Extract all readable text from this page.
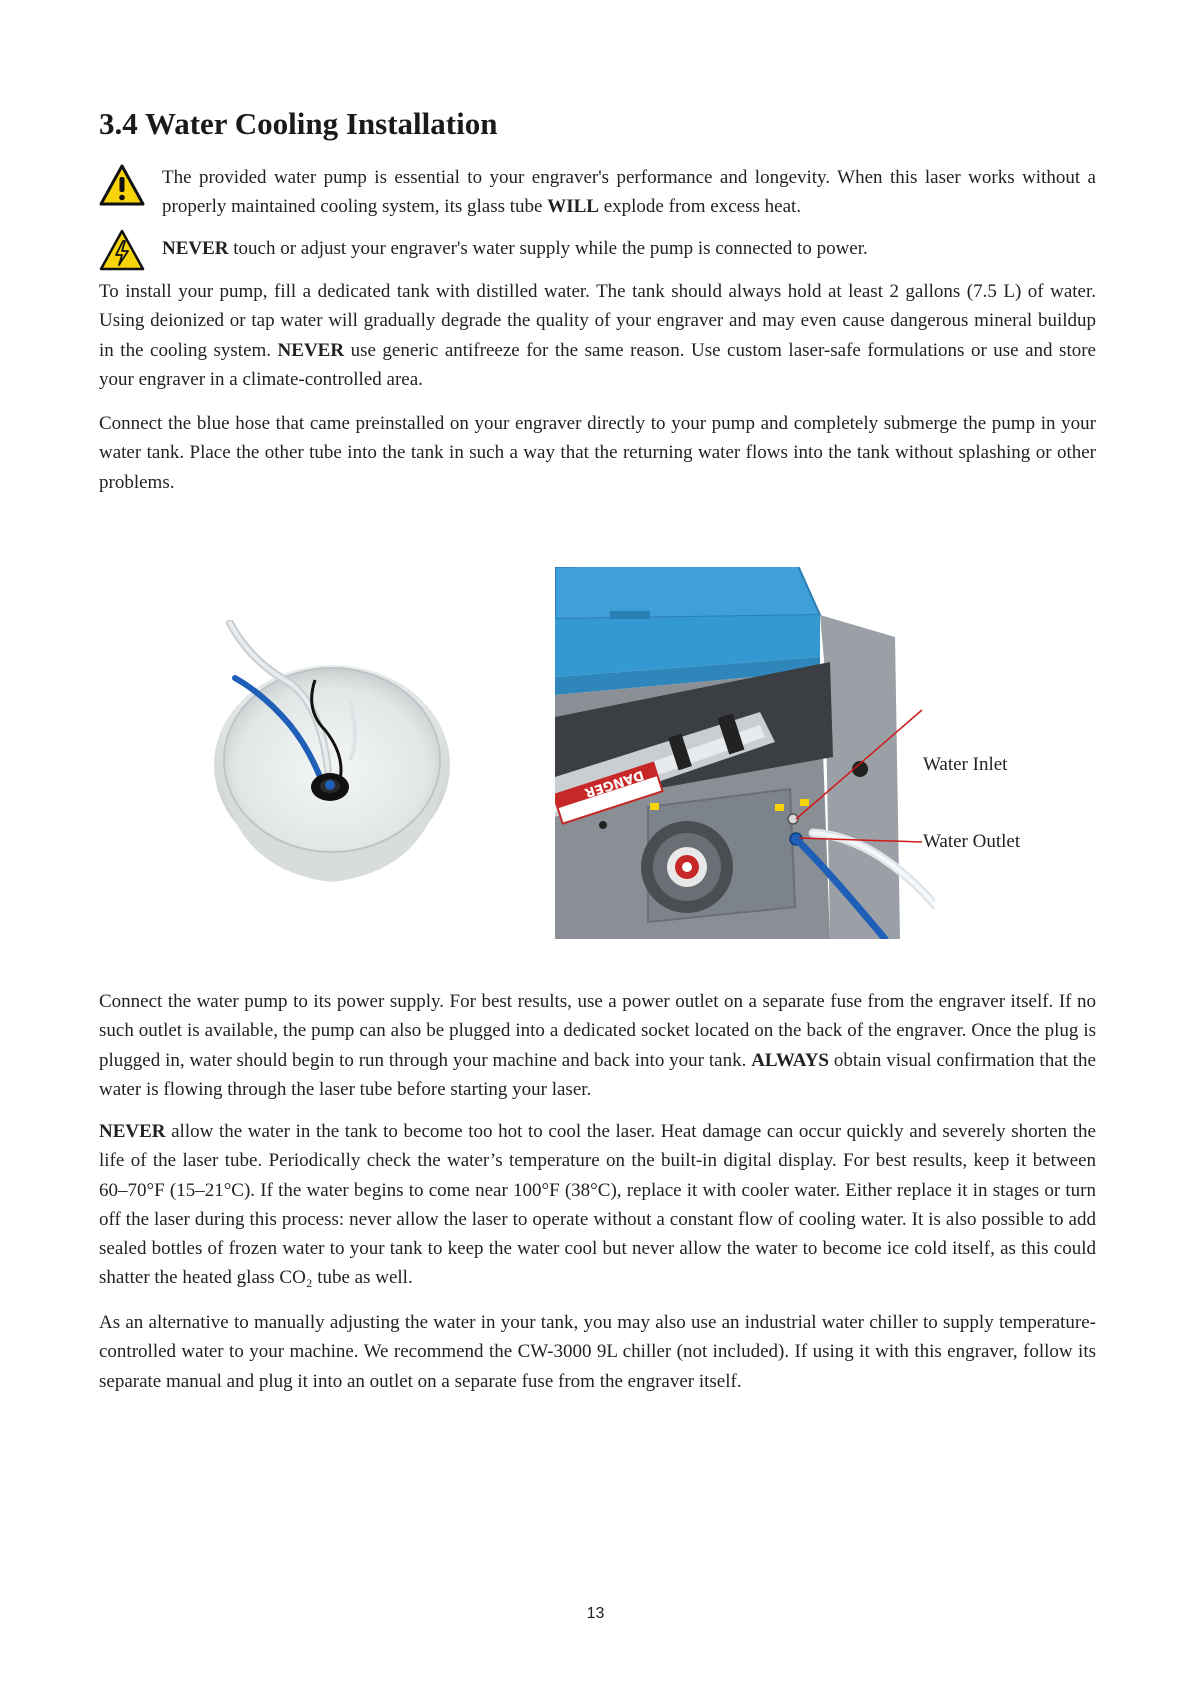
3.4 Water Cooling Installation
The provided water pump is essential to your engraver's performance and longevity. When this laser works without a properly maintained cooling system, its glass tube WILL explode from excess heat.
NEVER touch or adjust your engraver's water supply while the pump is connected to power.

To install your pump, fill a dedicated tank with distilled water. The tank should always hold at least 2 gallons (7.5 L) of water. Using deionized or tap water will gradually degrade the quality of your engraver and may even cause dangerous mineral buildup in the cooling system. NEVER use generic antifreeze for the same reason. Use custom laser-safe formulations or use and store your engraver in a climate-controlled area.

Connect the blue hose that came preinstalled on your engraver directly to your pump and completely submerge the pump in your water tank. Place the other tube into the tank in such a way that the returning water flows into the tank without splashing or other problems.

DANGER
Water Inlet
Water Outlet

Connect the water pump to its power supply. For best results, use a power outlet on a separate fuse from the engraver itself. If no such outlet is available, the pump can also be plugged into a dedicated socket located on the back of the engraver. Once the plug is plugged in, water should begin to run through your machine and back into your tank. ALWAYS obtain visual confirmation that the water is flowing through the laser tube before starting your laser.

NEVER allow the water in the tank to become too hot to cool the laser. Heat damage can occur quickly and severely shorten the life of the laser tube. Periodically check the water’s temperature on the built-in digital display. For best results, keep it between 60–70°F (15–21°C). If the water begins to come near 100°F (38°C), replace it with cooler water. Either replace it in stages or turn off the laser during this process: never allow the laser to operate without a constant flow of cooling water. It is also possible to add sealed bottles of frozen water to your tank to keep the water cool but never allow the water to become ice cold itself, as this could shatter the heated glass CO₂ tube as well.

As an alternative to manually adjusting the water in your tank, you may also use an industrial water chiller to supply temperature-controlled water to your machine. We recommend the CW-3000 9L chiller (not included). If using it with this engraver, follow its separate manual and plug it into an outlet on a separate fuse from the engraver itself.

13
